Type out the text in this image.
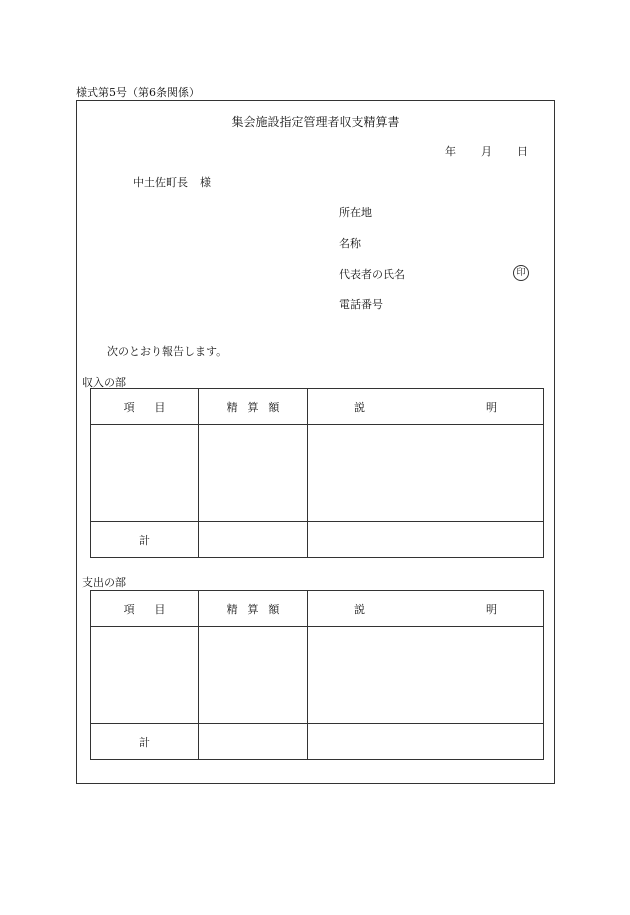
様式第5号（第6条関係）
集会施設指定管理者収支精算書
年 月 日
中土佐町長 様
所在地
名称
代表者の氏名	印
電話番号
次のとおり報告します。
収入の部
項目	精算額	説 明

計		
支出の部
項目	精算額	説 明

計		
